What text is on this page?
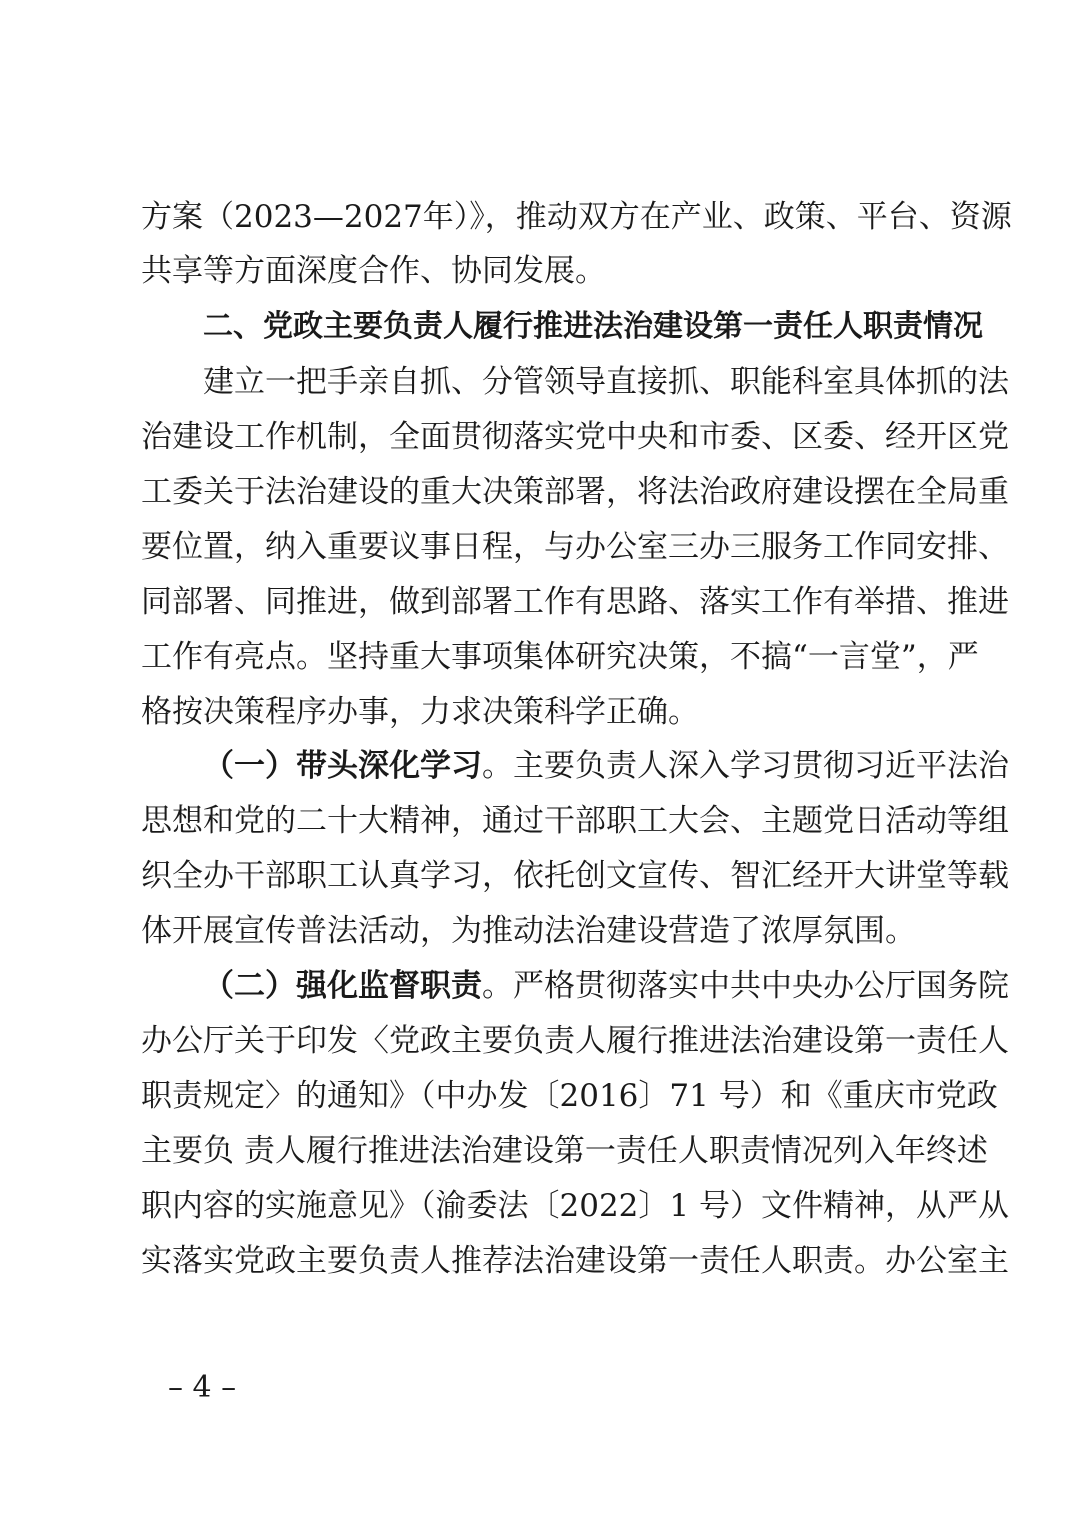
方案（2023—2027年）》，推动双方在产业、政策、平台、资源
共享等方面深度合作、协同发展。
二、党政主要负责人履行推进法治建设第一责任人职责情况
建立一把手亲自抓、分管领导直接抓、职能科室具体抓的法
治建设工作机制，全面贯彻落实党中央和市委、区委、经开区党
工委关于法治建设的重大决策部署，将法治政府建设摆在全局重
要位置，纳入重要议事日程，与办公室三办三服务工作同安排、
同部署、同推进，做到部署工作有思路、落实工作有举措、推进
工作有亮点。坚持重大事项集体研究决策，不搞“一言堂”，严
格按决策程序办事，力求决策科学正确。
（一）带头深化学习。主要负责人深入学习贯彻习近平法治
思想和党的二十大精神，通过干部职工大会、主题党日活动等组
织全办干部职工认真学习，依托创文宣传、智汇经开大讲堂等载
体开展宣传普法活动，为推动法治建设营造了浓厚氛围。
（二）强化监督职责。严格贯彻落实中共中央办公厅国务院
办公厅关于印发〈党政主要负责人履行推进法治建设第一责任人
职责规定〉的通知》（中办发〔2016〕71 号）和《重庆市党政
主要负 责人履行推进法治建设第一责任人职责情况列入年终述
职内容的实施意见》（渝委法〔2022〕1 号）文件精神，从严从
实落实党政主要负责人推荐法治建设第一责任人职责。办公室主
– 4 –
